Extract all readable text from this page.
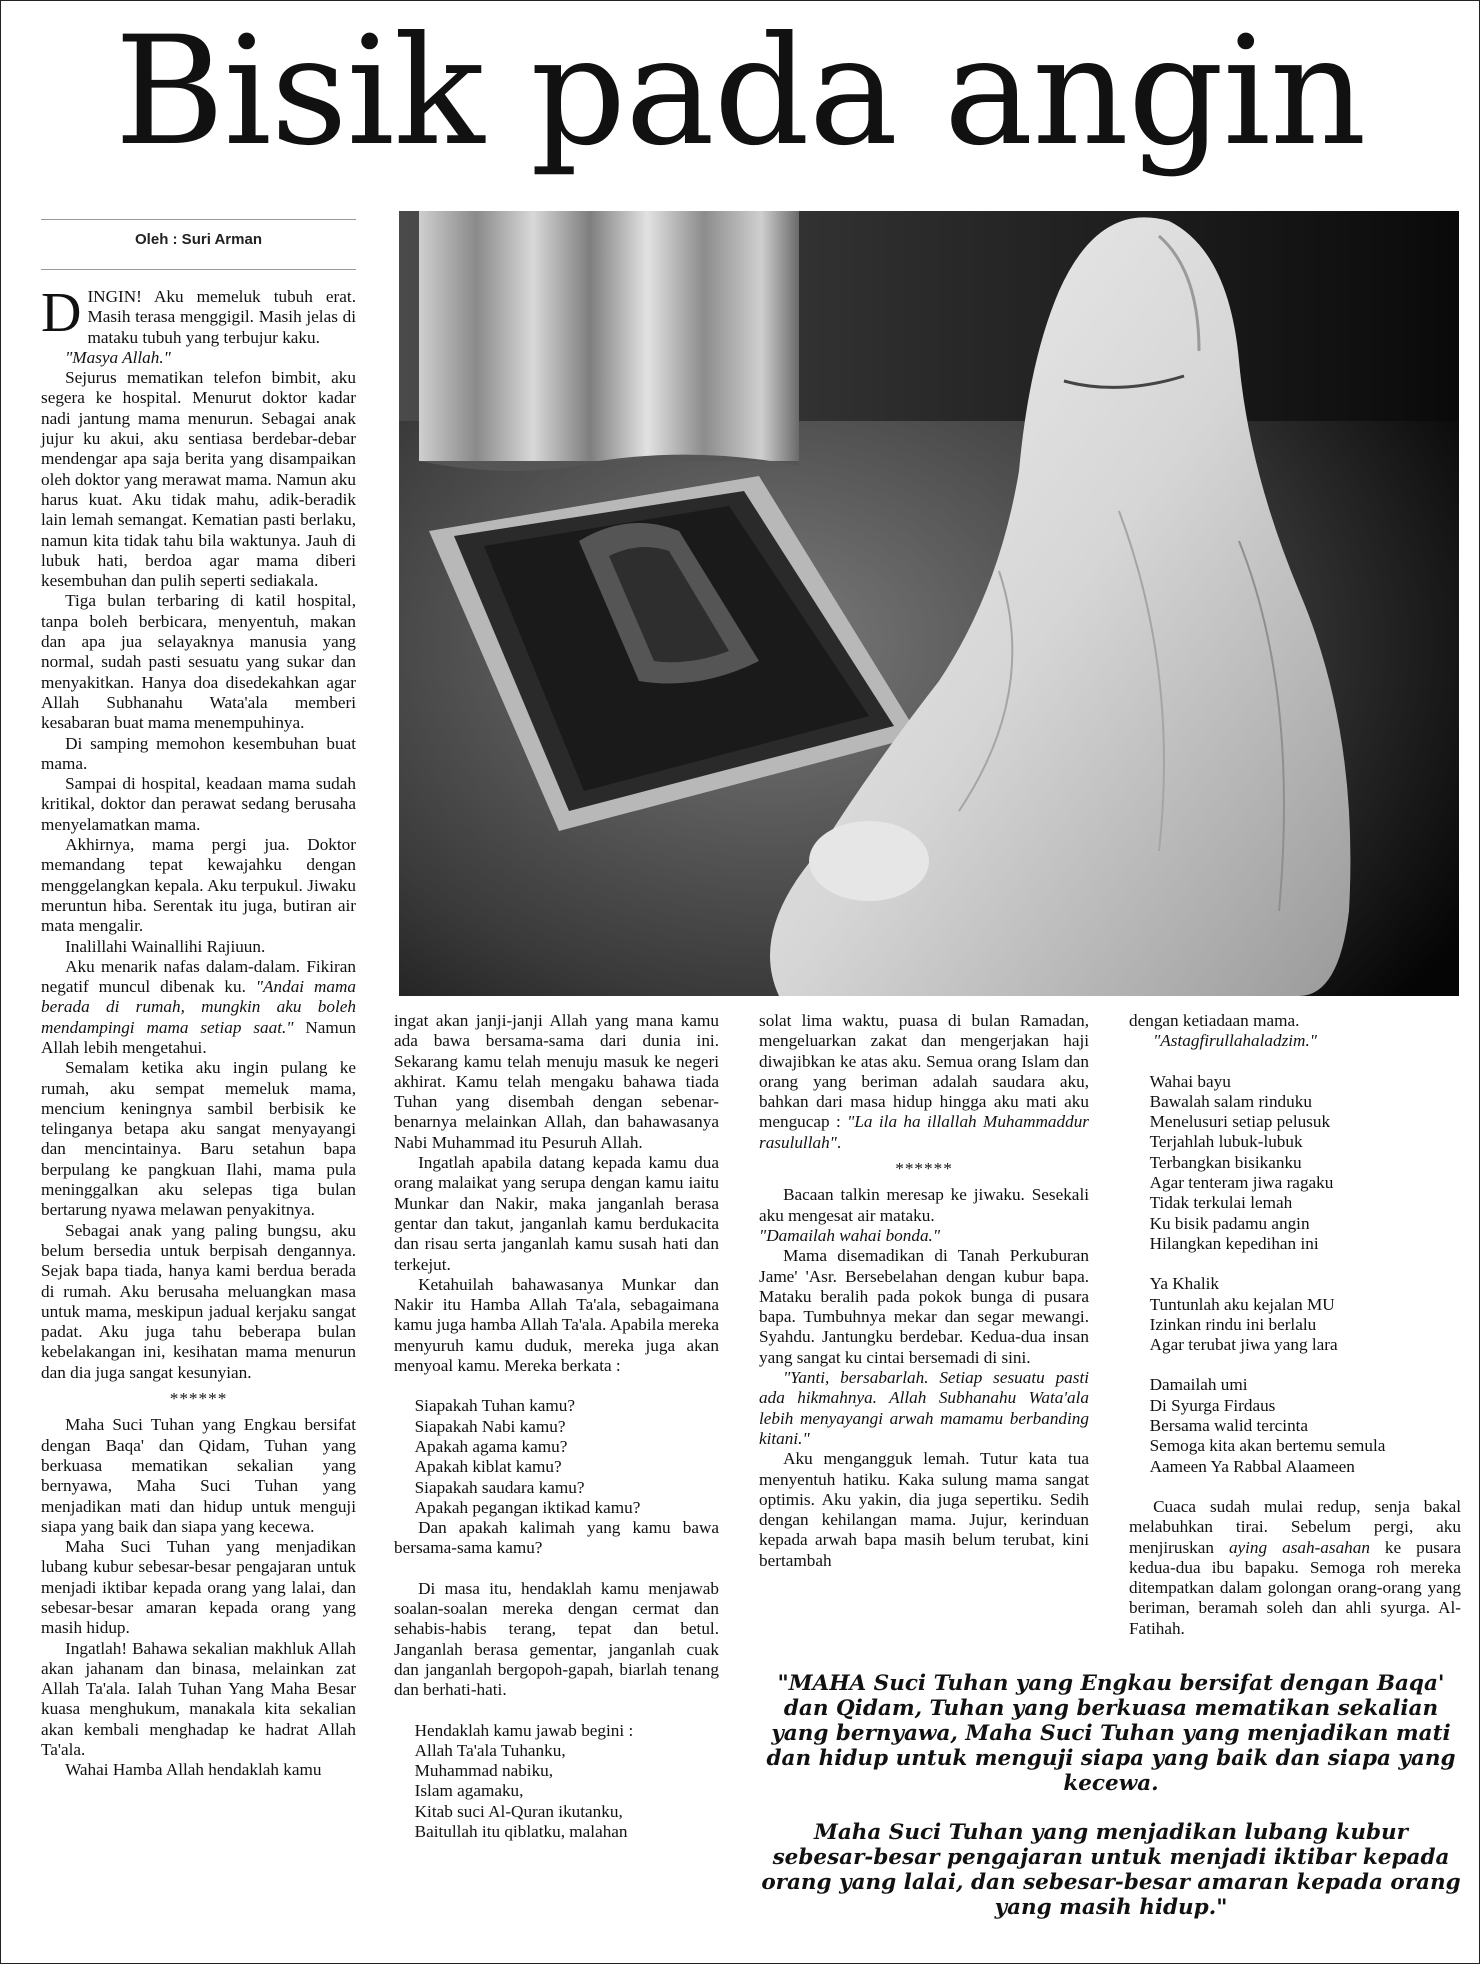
Bisik pada angin
Oleh : Suri Arman

DINGIN! Aku memeluk tubuh erat. Masih terasa menggigil. Masih jelas di mataku tubuh yang terbujur kaku.

"Masya Allah."

Sejurus mematikan telefon bimbit, aku segera ke hospital. Menurut doktor kadar nadi jantung mama menurun. Sebagai anak jujur ku akui, aku sentiasa berdebar-debar mendengar apa saja berita yang disampaikan oleh doktor yang merawat mama. Namun aku harus kuat. Aku tidak mahu, adik-beradik lain lemah semangat. Kematian pasti berlaku, namun kita tidak tahu bila waktunya. Jauh di lubuk hati, berdoa agar mama diberi kesembuhan dan pulih seperti sediakala.

Tiga bulan terbaring di katil hospital, tanpa boleh berbicara, menyentuh, makan dan apa jua selayaknya manusia yang normal, sudah pasti sesuatu yang sukar dan menyakitkan. Hanya doa disedekahkan agar Allah Subhanahu Wata'ala memberi kesabaran buat mama menempuhinya.

Di samping memohon kesembuhan buat mama.

Sampai di hospital, keadaan mama sudah kritikal, doktor dan perawat sedang berusaha menyelamatkan mama.

Akhirnya, mama pergi jua. Doktor memandang tepat kewajahku dengan menggelangkan kepala. Aku terpukul. Jiwaku meruntun hiba. Serentak itu juga, butiran air mata mengalir.

Inalillahi Wainallihi Rajiuun.

Aku menarik nafas dalam-dalam. Fikiran negatif muncul dibenak ku. "Andai mama berada di rumah, mungkin aku boleh mendampingi mama setiap saat." Namun Allah lebih mengetahui.

Semalam ketika aku ingin pulang ke rumah, aku sempat memeluk mama, mencium keningnya sambil berbisik ke telinganya betapa aku sangat menyayangi dan mencintainya. Baru setahun bapa berpulang ke pangkuan Ilahi, mama pula meninggalkan aku selepas tiga bulan bertarung nyawa melawan penyakitnya.

Sebagai anak yang paling bungsu, aku belum bersedia untuk berpisah dengannya. Sejak bapa tiada, hanya kami berdua berada di rumah. Aku berusaha meluangkan masa untuk mama, meskipun jadual kerjaku sangat padat. Aku juga tahu beberapa bulan kebelakangan ini, kesihatan mama menurun dan dia juga sangat kesunyian.

******

Maha Suci Tuhan yang Engkau bersifat dengan Baqa' dan Qidam, Tuhan yang berkuasa mematikan sekalian yang bernyawa, Maha Suci Tuhan yang menjadikan mati dan hidup untuk menguji siapa yang baik dan siapa yang kecewa.

Maha Suci Tuhan yang menjadikan lubang kubur sebesar-besar pengajaran untuk menjadi iktibar kepada orang yang lalai, dan sebesar-besar amaran kepada orang yang masih hidup.

Ingatlah! Bahawa sekalian makhluk Allah akan jahanam dan binasa, melainkan zat Allah Ta'ala. Ialah Tuhan Yang Maha Besar kuasa menghukum, manakala kita sekalian akan kembali menghadap ke hadrat Allah Ta'ala.

Wahai Hamba Allah hendaklah kamu

ingat akan janji-janji Allah yang mana kamu ada bawa bersama-sama dari dunia ini. Sekarang kamu telah menuju masuk ke negeri akhirat. Kamu telah mengaku bahawa tiada Tuhan yang disembah dengan sebenar-benarnya melainkan Allah, dan bahawasanya Nabi Muhammad itu Pesuruh Allah.

Ingatlah apabila datang kepada kamu dua orang malaikat yang serupa dengan kamu iaitu Munkar dan Nakir, maka janganlah berasa gentar dan takut, janganlah kamu berdukacita dan risau serta janganlah kamu susah hati dan terkejut.

Ketahuilah bahawasanya Munkar dan Nakir itu Hamba Allah Ta'ala, sebagaimana kamu juga hamba Allah Ta'ala. Apabila mereka menyuruh kamu duduk, mereka juga akan menyoal kamu. Mereka berkata :

Siapakah Tuhan kamu?

Siapakah Nabi kamu?

Apakah agama kamu?

Apakah kiblat kamu?

Siapakah saudara kamu?

Apakah pegangan iktikad kamu?

Dan apakah kalimah yang kamu bawa bersama-sama kamu?

Di masa itu, hendaklah kamu menjawab soalan-soalan mereka dengan cermat dan sehabis-habis terang, tepat dan betul. Janganlah berasa gementar, janganlah cuak dan janganlah bergopoh-gapah, biarlah tenang dan berhati-hati.

Hendaklah kamu jawab begini :

Allah Ta'ala Tuhanku,

Muhammad nabiku,

Islam agamaku,

Kitab suci Al-Quran ikutanku,

Baitullah itu qiblatku, malahan

solat lima waktu, puasa di bulan Ramadan, mengeluarkan zakat dan mengerjakan haji diwajibkan ke atas aku. Semua orang Islam dan orang yang beriman adalah saudara aku, bahkan dari masa hidup hingga aku mati aku mengucap : "La ila ha illallah Muhammaddur rasulullah".

******

Bacaan talkin meresap ke jiwaku. Sesekali aku mengesat air mataku.

"Damailah wahai bonda."

Mama disemadikan di Tanah Perkuburan Jame' 'Asr. Bersebelahan dengan kubur bapa. Mataku beralih pada pokok bunga di pusara bapa. Tumbuhnya mekar dan segar mewangi. Syahdu. Jantungku berdebar. Kedua-dua insan yang sangat ku cintai bersemadi di sini.

"Yanti, bersabarlah. Setiap sesuatu pasti ada hikmahnya. Allah Subhanahu Wata'ala lebih menyayangi arwah mamamu berbanding kitani."

Aku mengangguk lemah. Tutur kata tua menyentuh hatiku. Kaka sulung mama sangat optimis. Aku yakin, dia juga sepertiku. Sedih dengan kehilangan mama. Jujur, kerinduan kepada arwah bapa masih belum terubat, kini bertambah

dengan ketiadaan mama.

"Astagfirullahaladzim."

Wahai bayu

Bawalah salam rinduku

Menelusuri setiap pelusuk

Terjahlah lubuk-lubuk

Terbangkan bisikanku

Agar tenteram jiwa ragaku

Tidak terkulai lemah

Ku bisik padamu angin

Hilangkan kepedihan ini

Ya Khalik

Tuntunlah aku kejalan MU

Izinkan rindu ini berlalu

Agar terubat jiwa yang lara

Damailah umi

Di Syurga Firdaus

Bersama walid tercinta

Semoga kita akan bertemu semula

Aameen Ya Rabbal Alaameen

Cuaca sudah mulai redup, senja bakal melabuhkan tirai. Sebelum pergi, aku menjiruskan aying asah-asahan ke pusara kedua-dua ibu bapaku. Semoga roh mereka ditempatkan dalam golongan orang-orang yang beriman, beramah soleh dan ahli syurga. Al-Fatihah.

"MAHA Suci Tuhan yang Engkau bersifat dengan Baqa' dan Qidam, Tuhan yang berkuasa mematikan sekalian yang bernyawa, Maha Suci Tuhan yang menjadikan mati dan hidup untuk menguji siapa yang baik dan siapa yang kecewa.

Maha Suci Tuhan yang menjadikan lubang kubur sebesar-besar pengajaran untuk menjadi iktibar kepada orang yang lalai, dan sebesar-besar amaran kepada orang yang masih hidup."
